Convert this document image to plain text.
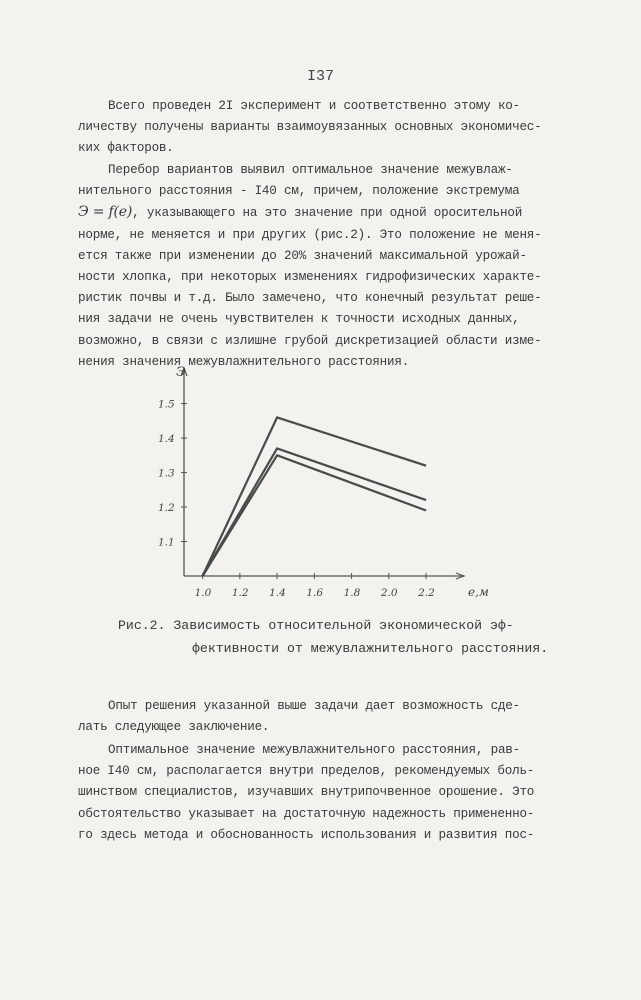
I37
Всего проведен 2I эксперимент и соответственно этому ко-
личеству получены варианты взаимоувязанных основных экономичес-
ких факторов.
Перебор вариантов выявил оптимальное значение межувлаж-
нительного расстояния - I40 см, причем, положение экстремума
Э = f(e), указывающего на это значение при одной оросительной
норме, не меняется и при других (рис.2). Это положение не меня-
ется также при изменении до 20% значений максимальной урожай-
ности хлопка, при некоторых изменениях гидрофизических характе-
ристик почвы и т.д. Было замечено, что конечный результат реше-
ния задачи не очень чувствителен к точности исходных данных,
возможно, в связи с излишне грубой дискретизацией области изме-
нения значения межувлажнительного расстояния.
Э
е,м
1.0 1.2 1.4 1.6 1.8 2.0 2.2
1.1
1.2
1.3
1.4
1.5
Рис.2. Зависимость относительной экономической эф-
фективности от межувлажнительного расстояния.
Опыт решения указанной выше задачи дает возможность сде-
лать следующее заключение.
Оптимальное значение межувлажнительного расстояния, рав-
ное I40 см, располагается внутри пределов, рекомендуемых боль-
шинством специалистов, изучавших внутрипочвенное орошение. Это
обстоятельство указывает на достаточную надежность примененно-
го здесь метода и обоснованность использования и развития пос-
